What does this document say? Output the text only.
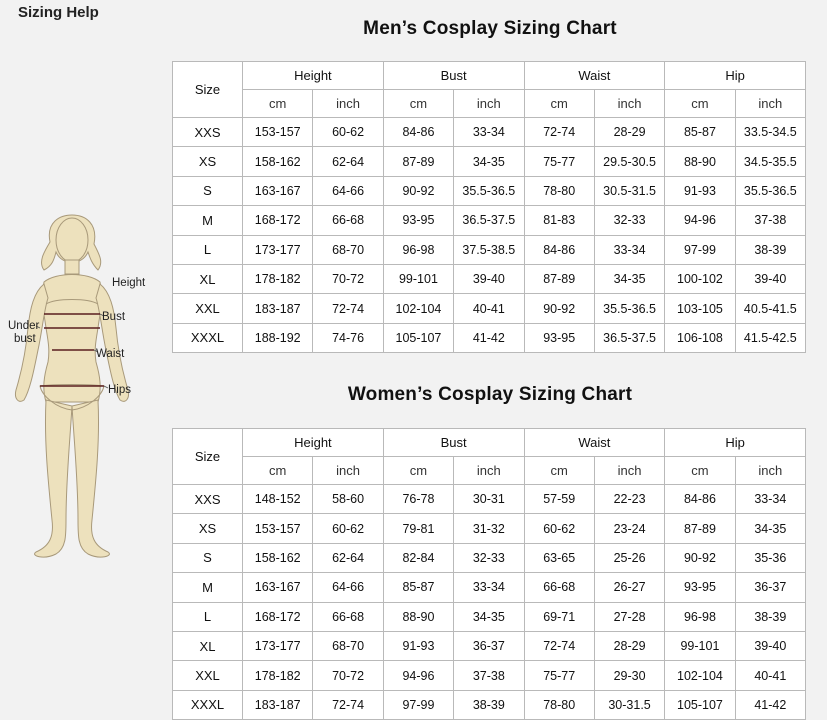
Sizing Help
Height
Bust
Under
bust
Waist
Hips
Men’s Cosplay Sizing Chart
Size	Height		Bust		Waist		Hip	
	cm	inch	cm	inch	cm	inch	cm	inch
XXS	153-157	60-62	84-86	33-34	72-74	28-29	85-87	33.5-34.5
XS	158-162	62-64	87-89	34-35	75-77	29.5-30.5	88-90	34.5-35.5
S	163-167	64-66	90-92	35.5-36.5	78-80	30.5-31.5	91-93	35.5-36.5
M	168-172	66-68	93-95	36.5-37.5	81-83	32-33	94-96	37-38
L	173-177	68-70	96-98	37.5-38.5	84-86	33-34	97-99	38-39
XL	178-182	70-72	99-101	39-40	87-89	34-35	100-102	39-40
XXL	183-187	72-74	102-104	40-41	90-92	35.5-36.5	103-105	40.5-41.5
XXXL	188-192	74-76	105-107	41-42	93-95	36.5-37.5	106-108	41.5-42.5
Women’s Cosplay Sizing Chart
Size	Height		Bust		Waist		Hip	
	cm	inch	cm	inch	cm	inch	cm	inch
XXS	148-152	58-60	76-78	30-31	57-59	22-23	84-86	33-34
XS	153-157	60-62	79-81	31-32	60-62	23-24	87-89	34-35
S	158-162	62-64	82-84	32-33	63-65	25-26	90-92	35-36
M	163-167	64-66	85-87	33-34	66-68	26-27	93-95	36-37
L	168-172	66-68	88-90	34-35	69-71	27-28	96-98	38-39
XL	173-177	68-70	91-93	36-37	72-74	28-29	99-101	39-40
XXL	178-182	70-72	94-96	37-38	75-77	29-30	102-104	40-41
XXXL	183-187	72-74	97-99	38-39	78-80	30-31.5	105-107	41-42
